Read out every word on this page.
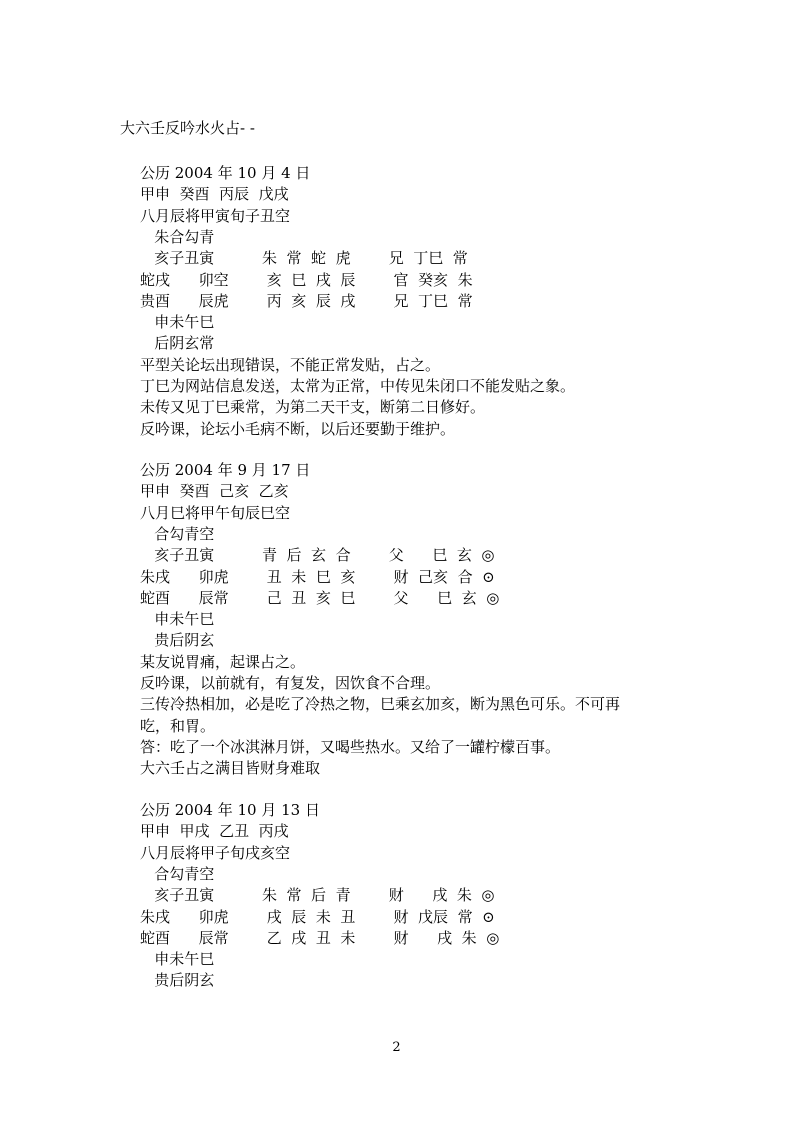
大六壬反吟水火占- -
公历 2004 年 10 月 4 日
甲申  癸酉  丙辰  戊戌
八月辰将甲寅旬子丑空
朱合勾青
亥子丑寅          朱  常  蛇  虎        兄  丁巳  常
蛇戌      卯空        亥  巳  戌  辰        官  癸亥  朱
贵酉      辰虎        丙  亥  辰  戌        兄  丁巳  常
申未午巳
后阴玄常
平型关论坛出现错误，不能正常发贴，占之。
丁巳为网站信息发送，太常为正常，中传见朱闭口不能发贴之象。
未传又见丁巳乘常，为第二天干支，断第二日修好。
反吟课，论坛小毛病不断，以后还要勤于维护。
公历 2004 年 9 月 17 日
甲申  癸酉  己亥  乙亥
八月巳将甲午旬辰巳空
合勾青空
亥子丑寅          青  后  玄  合        父      巳  玄  ◎
朱戌      卯虎        丑  未  巳  亥        财  己亥  合  ⊙
蛇酉      辰常        己  丑  亥  巳        父      巳  玄  ◎
申未午巳
贵后阴玄
某友说胃痛，起课占之。
反吟课，以前就有，有复发，因饮食不合理。
三传冷热相加，必是吃了冷热之物，巳乘玄加亥，断为黑色可乐。不可再
吃，和胃。
答：吃了一个冰淇淋月饼，又喝些热水。又给了一罐柠檬百事。
大六壬占之满目皆财身难取
公历 2004 年 10 月 13 日
甲申  甲戌  乙丑  丙戌
八月辰将甲子旬戌亥空
合勾青空
亥子丑寅          朱  常  后  青        财      戌  朱  ◎
朱戌      卯虎        戌  辰  未  丑        财  戊辰  常  ⊙
蛇酉      辰常        乙  戌  丑  未        财      戌  朱  ◎
申未午巳
贵后阴玄
2
